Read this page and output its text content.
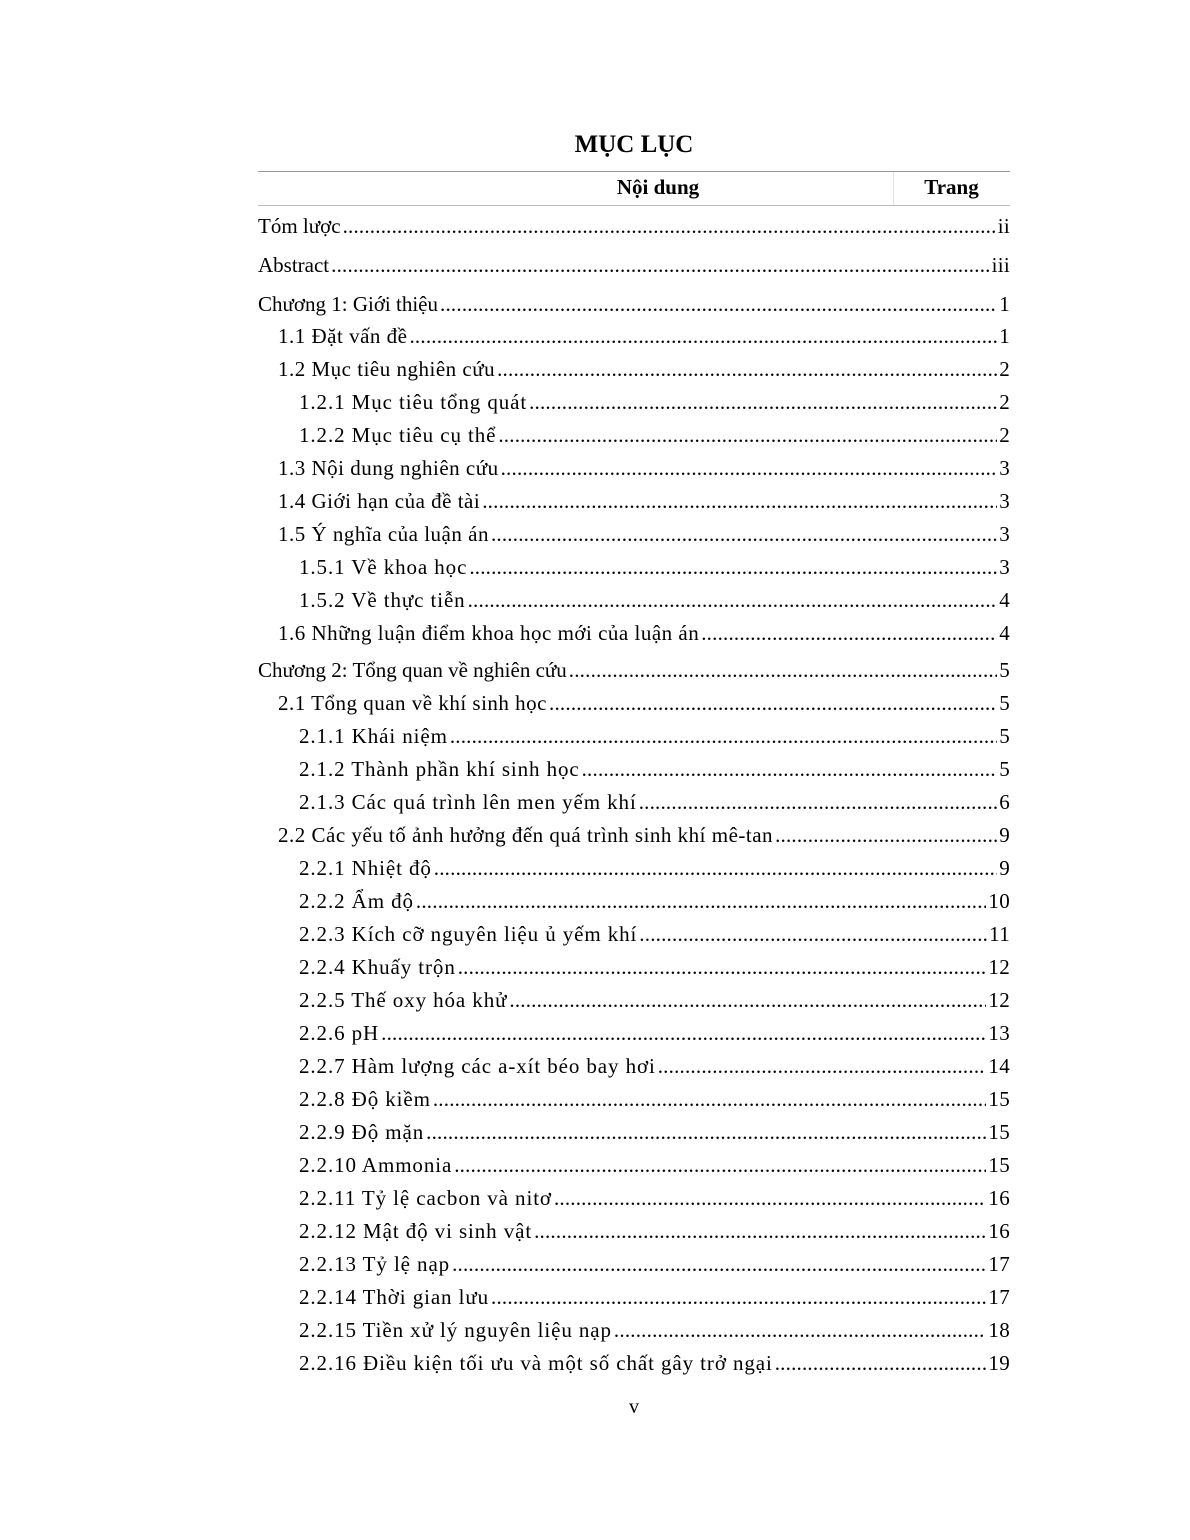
MỤC LỤC
Nội dung	Trang
Tóm lược .....	ii
Abstract .....	iii
Chương 1: Giới thiệu .....	1
1.1 Đặt vấn đề .....	1
1.2 Mục tiêu nghiên cứu .....	2
1.2.1 Mục tiêu tổng quát .....	2
1.2.2 Mục tiêu cụ thể .....	2
1.3 Nội dung nghiên cứu .....	3
1.4 Giới hạn của đề tài .....	3
1.5 Ý nghĩa của luận án .....	3
1.5.1 Về khoa học .....	3
1.5.2 Về thực tiễn .....	4
1.6 Những luận điểm khoa học mới của luận án .....	4
Chương 2: Tổng quan về nghiên cứu .....	5
2.1 Tổng quan về khí sinh học .....	5
2.1.1 Khái niệm .....	5
2.1.2 Thành phần khí sinh học .....	5
2.1.3 Các quá trình lên men yếm khí .....	6
2.2 Các yếu tố ảnh hưởng đến quá trình sinh khí mê-tan .....	9
2.2.1 Nhiệt độ .....	9
2.2.2 Ẩm độ .....	10
2.2.3 Kích cỡ nguyên liệu ủ yếm khí .....	11
2.2.4 Khuấy trộn .....	12
2.2.5 Thế oxy hóa khử .....	12
2.2.6 pH .....	13
2.2.7 Hàm lượng các a-xít béo bay hơi .....	14
2.2.8 Độ kiềm .....	15
2.2.9 Độ mặn .....	15
2.2.10 Ammonia .....	15
2.2.11 Tỷ lệ cacbon và nitơ .....	16
2.2.12 Mật độ vi sinh vật .....	16
2.2.13 Tỷ lệ nạp .....	17
2.2.14 Thời gian lưu .....	17
2.2.15 Tiền xử lý nguyên liệu nạp .....	18
2.2.16 Điều kiện tối ưu và một số chất gây trở ngại .....	19
v
